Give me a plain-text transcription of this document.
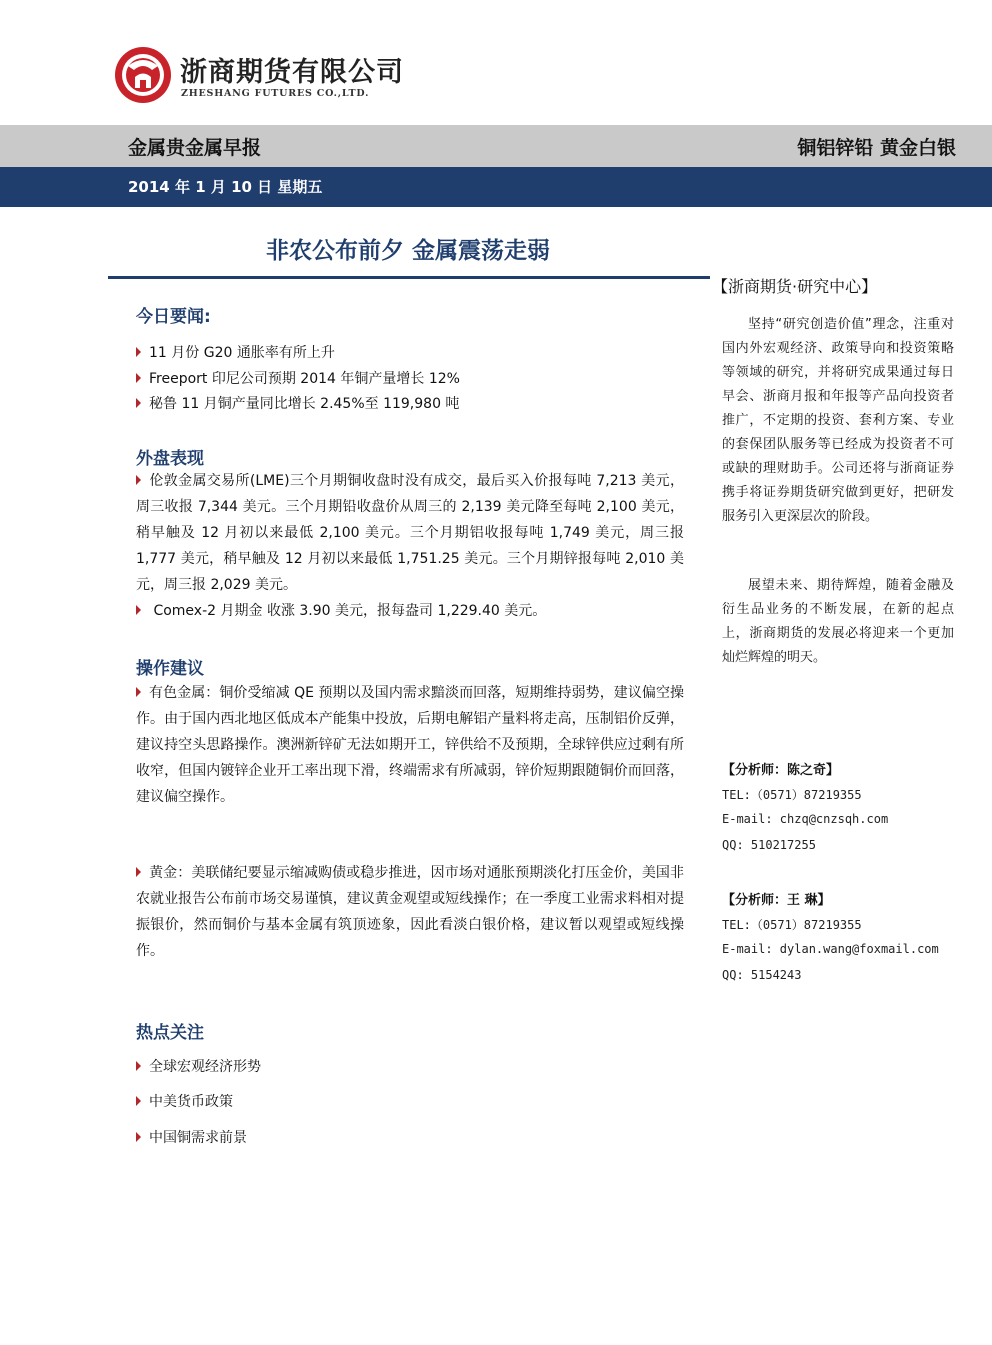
浙商期货有限公司
ZHESHANG FUTURES CO.,LTD.
金属贵金属早报	铜铝锌铅 黄金白银
2014 年 1 月 10 日 星期五
非农公布前夕 金属震荡走弱
今日要闻:
11 月份 G20 通胀率有所上升
Freeport 印尼公司预期 2014 年铜产量增长 12%
秘鲁 11 月铜产量同比增长 2.45%至 119,980 吨
外盘表现
伦敦金属交易所(LME)三个月期铜收盘时没有成交，最后买入价报每吨 7,213 美元，周三收报 7,344 美元。三个月期铅收盘价从周三的 2,139 美元降至每吨 2,100 美元，稍早触及 12 月初以来最低 2,100 美元。三个月期铝收报每吨 1,749 美元，周三报 1,777 美元，稍早触及 12 月初以来最低 1,751.25 美元。三个月期锌报每吨 2,010 美元，周三报 2,029 美元。
Comex-2 月期金 收涨 3.90 美元，报每盎司 1,229.40 美元。
操作建议
有色金属：铜价受缩减 QE 预期以及国内需求黯淡而回落，短期维持弱势，建议偏空操作。由于国内西北地区低成本产能集中投放，后期电解铝产量料将走高，压制铝价反弹，建议持空头思路操作。澳洲新锌矿无法如期开工，锌供给不及预期，全球锌供应过剩有所收窄，但国内镀锌企业开工率出现下滑，终端需求有所减弱，锌价短期跟随铜价而回落，建议偏空操作。
黄金：美联储纪要显示缩减购债或稳步推进，因市场对通胀预期淡化打压金价，美国非农就业报告公布前市场交易谨慎，建议黄金观望或短线操作；在一季度工业需求料相对提振银价，然而铜价与基本金属有筑顶迹象，因此看淡白银价格，建议暂以观望或短线操作。
热点关注
全球宏观经济形势
中美货币政策
中国铜需求前景
【浙商期货·研究中心】
坚持“研究创造价值”理念，注重对国内外宏观经济、政策导向和投资策略等领域的研究，并将研究成果通过每日早会、浙商月报和年报等产品向投资者推广，不定期的投资、套利方案、专业的套保团队服务等已经成为投资者不可或缺的理财助手。公司还将与浙商证券携手将证券期货研究做到更好，把研发服务引入更深层次的阶段。
展望未来、期待辉煌，随着金融及衍生品业务的不断发展，在新的起点上，浙商期货的发展必将迎来一个更加灿烂辉煌的明天。
【分析师：陈之奇】
TEL:（0571）87219355
E-mail: chzq@cnzsqh.com
QQ: 510217255
【分析师：王 琳】
TEL:（0571）87219355
E-mail: dylan.wang@foxmail.com
QQ: 5154243
